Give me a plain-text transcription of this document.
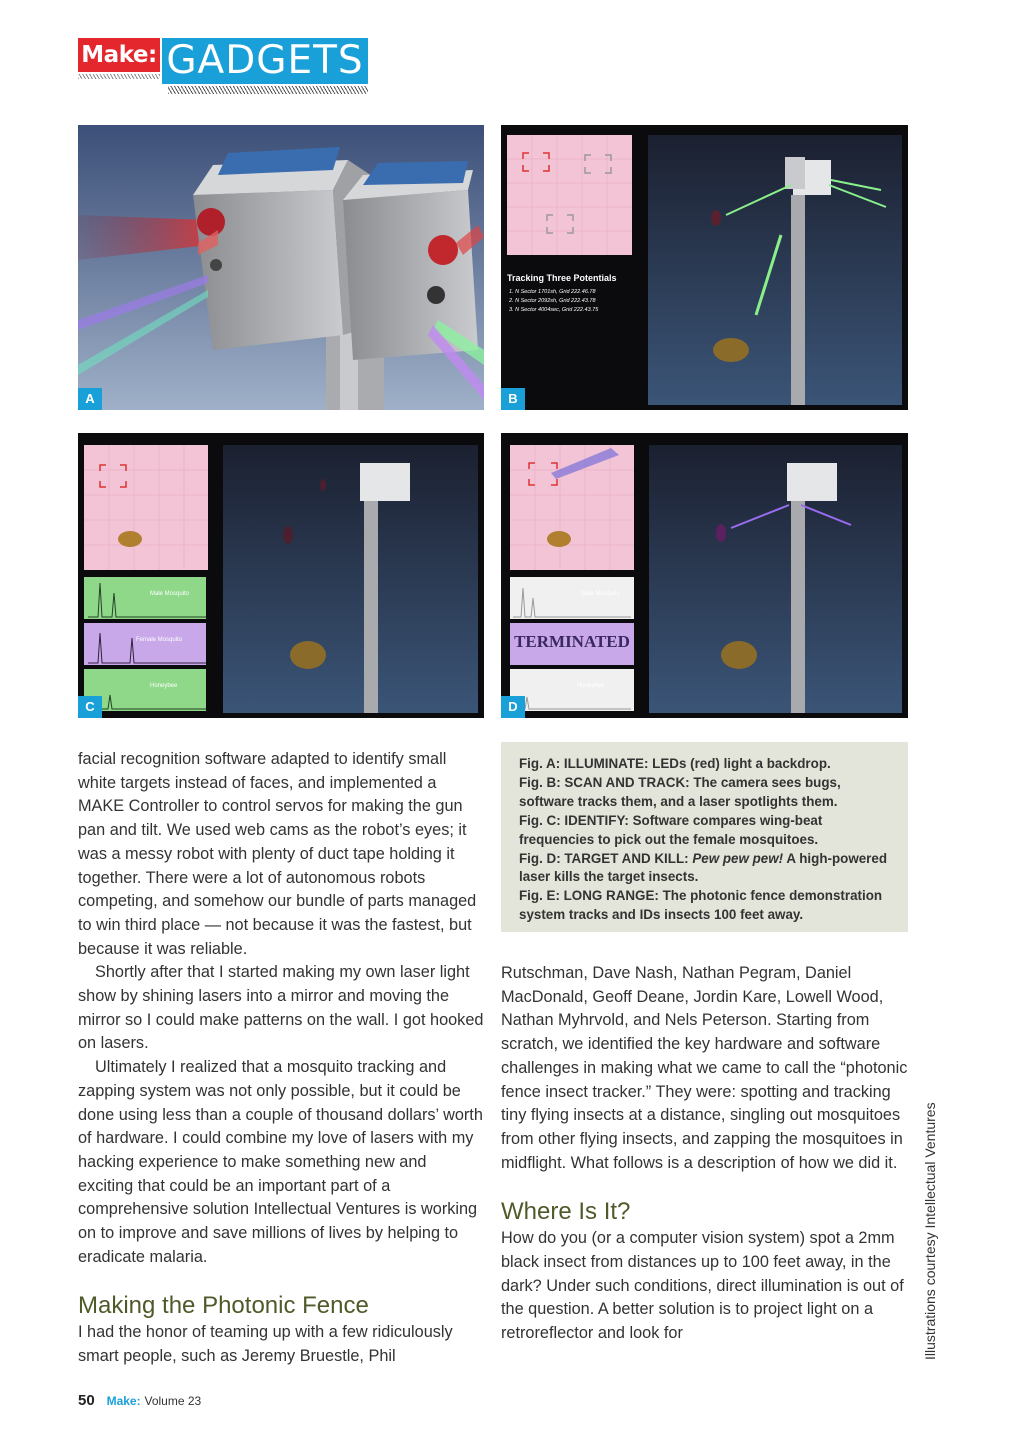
Make: GADGETS
A
Tracking Three Potentials
1. N Sector 1701sh, Grid 222.46.78
2. N Sector 2092sh, Grid 222.43.78
3. N Sector 4004sec, Grid 222.43.75
B
Male Mosquito
Female Mosquito
Honeybee
C
Male Mosquito
TERMINATED
Honeybee
D

facial recognition software adapted to identify small white targets instead of faces, and implemented a MAKE Controller to control servos for making the gun pan and tilt. We used web cams as the robot’s eyes; it was a messy robot with plenty of duct tape holding it together. There were a lot of autonomous robots competing, and somehow our bundle of parts managed to win third place — not because it was the fastest, but because it was reliable.

Shortly after that I started making my own laser light show by shining lasers into a mirror and moving the mirror so I could make patterns on the wall. I got hooked on lasers.

Ultimately I realized that a mosquito tracking and zapping system was not only possible, but it could be done using less than a couple of thousand dollars’ worth of hardware. I could combine my love of lasers with my hacking experience to make something new and exciting that could be an important part of a comprehensive solution Intellectual Ventures is working on to improve and save millions of lives by helping to eradicate malaria.

Making the Photonic Fence

I had the honor of teaming up with a few ridiculously smart people, such as Jeremy Bruestle, Phil

Fig. A: ILLUMINATE: LEDs (red) light a backdrop.
Fig. B: SCAN AND TRACK: The camera sees bugs, software tracks them, and a laser spotlights them.
Fig. C: IDENTIFY: Software compares wing-beat frequencies to pick out the female mosquitoes.
Fig. D: TARGET AND KILL: Pew pew pew! A high-powered laser kills the target insects.
Fig. E: LONG RANGE: The photonic fence demonstration system tracks and IDs insects 100 feet away.

Rutschman, Dave Nash, Nathan Pegram, Daniel MacDonald, Geoff Deane, Jordin Kare, Lowell Wood, Nathan Myhrvold, and Nels Peterson. Starting from scratch, we identified the key hardware and software challenges in making what we came to call the “photonic fence insect tracker.” They were: spotting and tracking tiny flying insects at a distance, singling out mosquitoes from other flying insects, and zapping the mosquitoes in midflight. What follows is a description of how we did it.

Where Is It?

How do you (or a computer vision system) spot a 2mm black insect from distances up to 100 feet away, in the dark? Under such conditions, direct illumination is out of the question. A better solution is to project light on a retroreflector and look for	Illustrations courtesy Intellectual Ventures
50 Make: Volume 23
